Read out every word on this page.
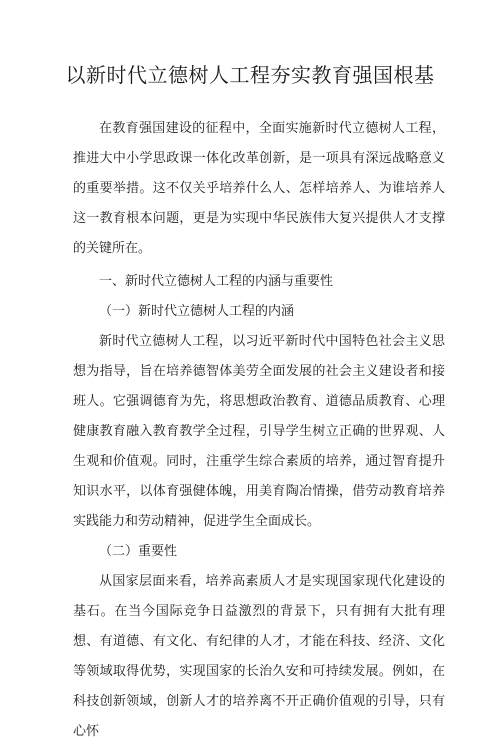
以新时代立德树人工程夯实教育强国根基

在教育强国建设的征程中，全面实施新时代立德树人工程，推进大中小学思政课一体化改革创新，是一项具有深远战略意义的重要举措。这不仅关乎培养什么人、怎样培养人、为谁培养人这一教育根本问题，更是为实现中华民族伟大复兴提供人才支撑的关键所在。

一、新时代立德树人工程的内涵与重要性

（一）新时代立德树人工程的内涵

新时代立德树人工程，以习近平新时代中国特色社会主义思想为指导，旨在培养德智体美劳全面发展的社会主义建设者和接班人。它强调德育为先，将思想政治教育、道德品质教育、心理健康教育融入教育教学全过程，引导学生树立正确的世界观、人生观和价值观。同时，注重学生综合素质的培养，通过智育提升知识水平，以体育强健体魄，用美育陶冶情操，借劳动教育培养实践能力和劳动精神，促进学生全面成长。

（二）重要性

从国家层面来看，培养高素质人才是实现国家现代化建设的基石。在当今国际竞争日益激烈的背景下，只有拥有大批有理想、有道德、有文化、有纪律的人才，才能在科技、经济、文化等领域取得优势，实现国家的长治久安和可持续发展。例如，在科技创新领域，创新人才的培养离不开正确价值观的引导，只有心怀
